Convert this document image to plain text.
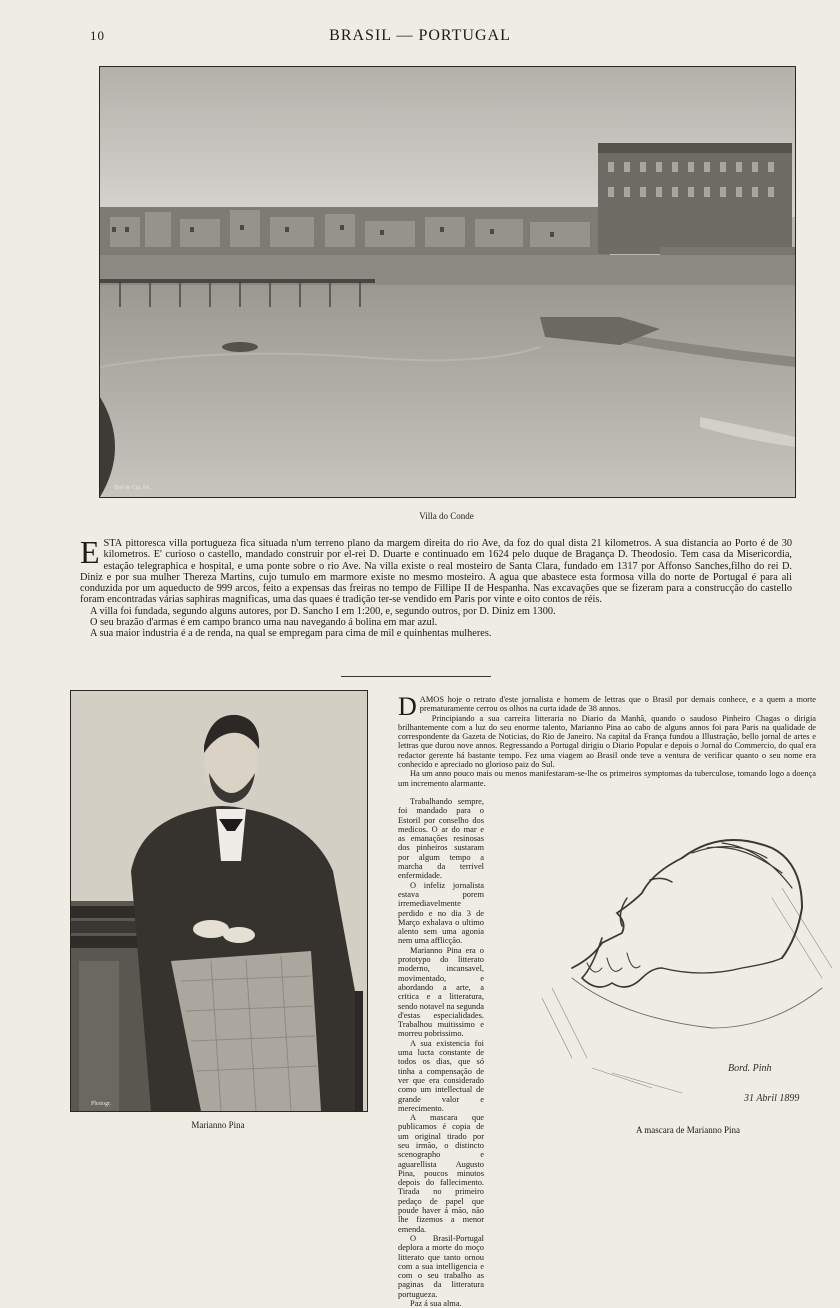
10	BRASIL — PORTUGAL
Biel & Cia, fot.
Villa do Conde

E STA pittoresca villa portugueza fica situada n'um terreno plano da margem direita do rio Ave, da foz do qual dista 21 kilometros. A sua distancia ao Porto é de 30 kilometros. E' curioso o castello, mandado construir por el-rei D. Duarte e continuado em 1624 pelo duque de Bragança D. Theodosio. Tem casa da Misericordia, estação telegraphica e hospital, e uma ponte sobre o rio Ave. Na villa existe o real mosteiro de Santa Clara, fundado em 1317 por Affonso Sanches,filho do rei D. Diniz e por sua mulher Thereza Martins, cujo tumulo em marmore existe no mesmo mosteiro. A agua que abastece esta formosa villa do norte de Portugal é para ali conduzida por um aqueducto de 999 arcos, feito a expensas das freiras no tempo de Fillipe II de Hespanha. Nas excavações que se fizeram para a construcção do castello foram encontradas várias saphiras magnificas, uma das quaes é tradição ter-se vendido em Paris por vinte e oito contos de réis.

A villa foi fundada, segundo alguns autores, por D. Sancho I em 1:200, e, segundo outros, por D. Diniz em 1300.

O seu brazão d'armas é em campo branco uma nau navegando á bolina em mar azul.

A sua maior industria é a de renda, na qual se empregam para cima de mil e quinhentas mulheres.

Photogr.
Marianno Pina

D AMOS hoje o retrato d'este jornalista e homem de lettras que o Brasil por demais conhece, e a quem a morte prematuramente cerrou os olhos na curta idade de 38 annos.

Principiando a sua carreira litteraria no Diario da Manhã, quando o saudoso Pinheiro Chagas o dirigia brilhantemente com a luz do seu enorme talento, Marianno Pina ao cabo de alguns annos foi para Paris na qualidade de correspondente da Gazeta de Noticias, do Rio de Janeiro. Na capital da França fundou a Illustração, bello jornal de artes e lettras que durou nove annos. Regressando a Portugal dirigiu o Diario Popular e depois o Jornal do Commercio, do qual era redactor gerente há bastante tempo. Fez uma viagem ao Brasil onde teve a ventura de verificar quanto o seu nome era conhecido e apreciado no glorioso paiz do Sul.

Ha um anno pouco mais ou menos manifestaram-se-lhe os primeiros symptomas da tuberculose, tomando logo a doença um incremento alarmante.

Trabalhando sempre, foi mandado para o Estoril por conselho dos medicos. O ar do mar e as emanações resinosas dos pinheiros sustaram por algum tempo a marcha da terrivel enfermidade.

O infeliz jornalista estava porem irremediavelmente perdido e no dia 3 de Março exhalava o ultimo alento sem uma agonia nem uma afflicção.

Marianno Pina era o prototypo do litterato moderno, incansavel, movimentado, e abordando a arte, a critica e a litteratura, sendo notavel na segunda d'estas especialidades. Trabalhou muitissimo e morreu pobrissimo.

A sua existencia foi uma lucta constante de todos os dias, que só tinha a compensação de ver que era considerado como um intellectual de grande valor e merecimento.

A mascara que publicamos é copia de um original tirado por seu irmão, o distincto scenographo e aguarellista Augusto Pina, poucos minutos depois do fallecimento. Tirada no primeiro pedaço de papel que poude haver á mão, não lhe fizemos a menor emenda.

O Brasil-Portugal deplora a morte do moço litterato que tanto ornou com a sua intelligencia e com o seu trabalho as paginas da litteratura portugueza.

Paz á sua alma.

Bord. Pinh
31 Abril 1899
A mascara de Marianno Pina
